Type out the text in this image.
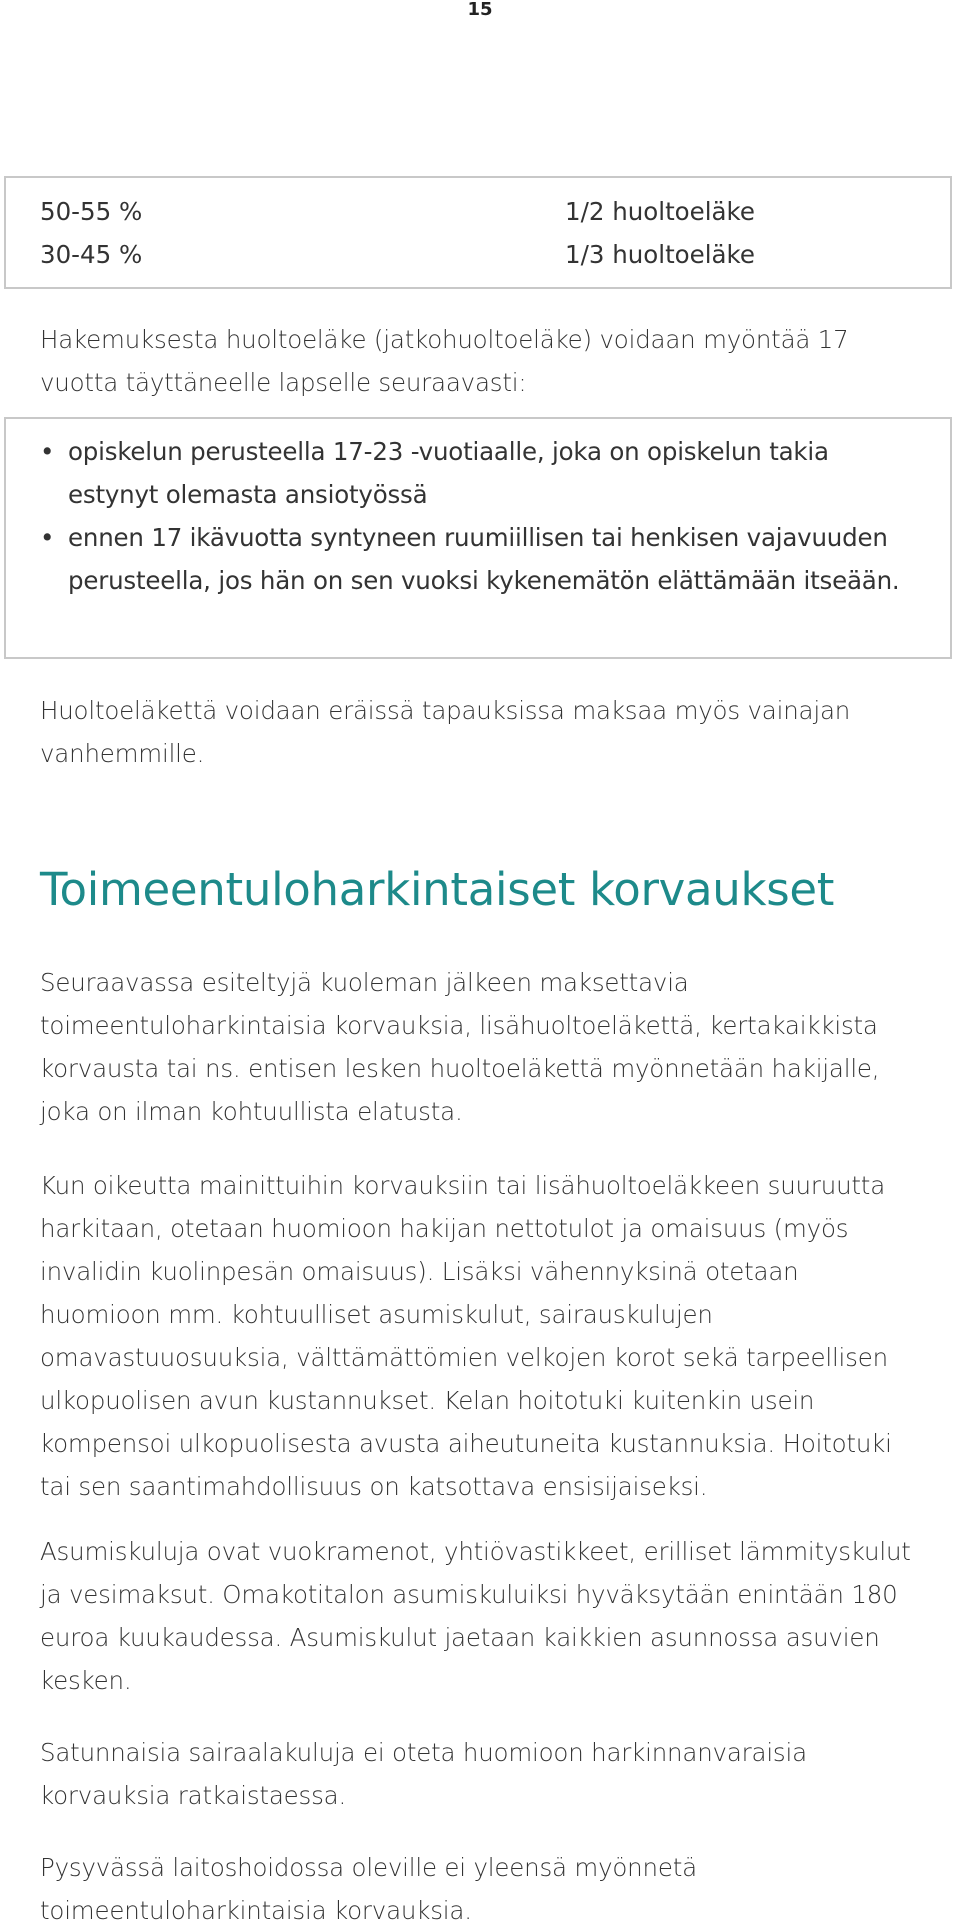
15
50-55 %	1/2 huoltoeläke
30-45 %	1/3 huoltoeläke
Hakemuksesta huoltoeläke (jatkohuoltoeläke) voidaan myöntää 17 vuotta täyttäneelle lapselle seuraavasti:
• opiskelun perusteella 17-23 -vuotiaalle, joka on opiskelun takia estynyt olemasta ansiotyössä
• ennen 17 ikävuotta syntyneen ruumiillisen tai henkisen vajavuuden perusteella, jos hän on sen vuoksi kykenemätön elättämään itseään.
Huoltoeläkettä voidaan eräissä tapauksissa maksaa myös vainajan vanhemmille.
Toimeentuloharkintaiset korvaukset
Seuraavassa esiteltyjä kuoleman jälkeen maksettavia toimeentuloharkintaisia korvauksia, lisähuoltoeläkettä, kertakaikkista korvausta tai ns. entisen lesken huoltoeläkettä myönnetään hakijalle, joka on ilman kohtuullista elatusta.
Kun oikeutta mainittuihin korvauksiin tai lisähuoltoeläkkeen suuruutta harkitaan, otetaan huomioon hakijan nettotulot ja omaisuus (myös invalidin kuolinpesän omaisuus). Lisäksi vähennyksinä otetaan huomioon mm. kohtuulliset asumiskulut, sairauskulujen omavastuuosuuksia, välttämättömien velkojen korot sekä tarpeellisen ulkopuolisen avun kustannukset. Kelan hoitotuki kuitenkin usein kompensoi ulkopuolisesta avusta aiheutuneita kustannuksia. Hoitotuki tai sen saantimahdollisuus on katsottava ensisijaiseksi.
Asumiskuluja ovat vuokramenot, yhtiövastikkeet, erilliset lämmityskulut ja vesimaksut. Omakotitalon asumiskuluiksi hyväksytään enintään 180 euroa kuukaudessa. Asumiskulut jaetaan kaikkien asunnossa asuvien kesken.
Satunnaisia sairaalakuluja ei oteta huomioon harkinnanvaraisia korvauksia ratkaistaessa.
Pysyvässä laitoshoidossa oleville ei yleensä myönnetä toimeentuloharkintaisia korvauksia.
